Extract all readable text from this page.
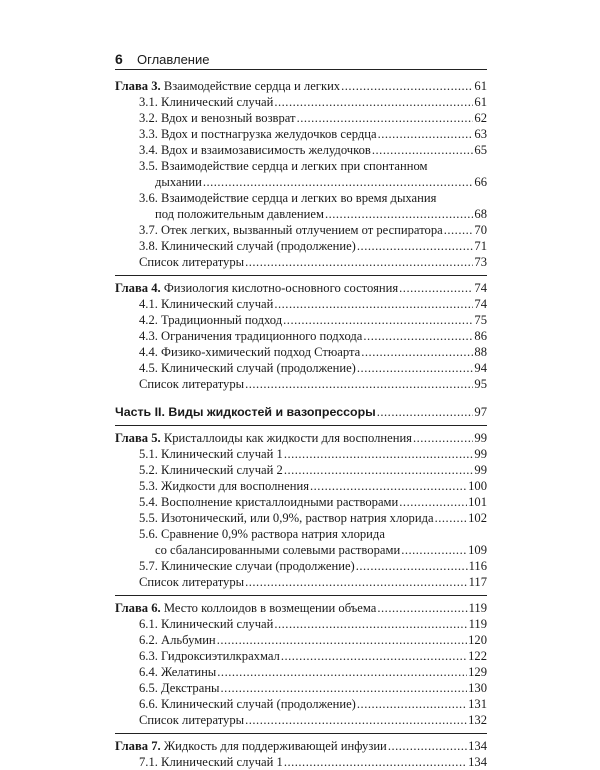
6 Оглавление
Глава 3. Взаимодействие сердца и легких .....	61
3.1. Клинический случай .....	61
3.2. Вдох и венозный возврат .....	62
3.3. Вдох и постнагрузка желудочков сердца .....	63
3.4. Вдох и взаимозависимость желудочков .....	65
3.5. Взаимодействие сердца и легких при спонтанном
дыхании .....	66
3.6. Взаимодействие сердца и легких во время дыхания
под положительным давлением .....	68
3.7. Отек легких, вызванный отлучением от респиратора .....	70
3.8. Клинический случай (продолжение) .....	71
Список литературы .....	73
Глава 4. Физиология кислотно-основного состояния .....	74
4.1. Клинический случай .....	74
4.2. Традиционный подход .....	75
4.3. Ограничения традиционного подхода .....	86
4.4. Физико-химический подход Стюарта .....	88
4.5. Клинический случай (продолжение) .....	94
Список литературы .....	95
Часть II. Виды жидкостей и вазопрессоры .....	97
Глава 5. Кристаллоиды как жидкости для восполнения .....	99
5.1. Клинический случай 1 .....	99
5.2. Клинический случай 2 .....	99
5.3. Жидкости для восполнения .....	100
5.4. Восполнение кристаллоидными растворами .....	101
5.5. Изотонический, или 0,9%, раствор натрия хлорида .....	102
5.6. Сравнение 0,9% раствора натрия хлорида
со сбалансированными солевыми растворами .....	109
5.7. Клинические случаи (продолжение) .....	116
Список литературы .....	117
Глава 6. Место коллоидов в возмещении объема .....	119
6.1. Клинический случай .....	119
6.2. Альбумин .....	120
6.3. Гидроксиэтилкрахмал .....	122
6.4. Желатины .....	129
6.5. Декстраны .....	130
6.6. Клинический случай (продолжение) .....	131
Список литературы .....	132
Глава 7. Жидкость для поддерживающей инфузии .....	134
7.1. Клинический случай 1 .....	134
